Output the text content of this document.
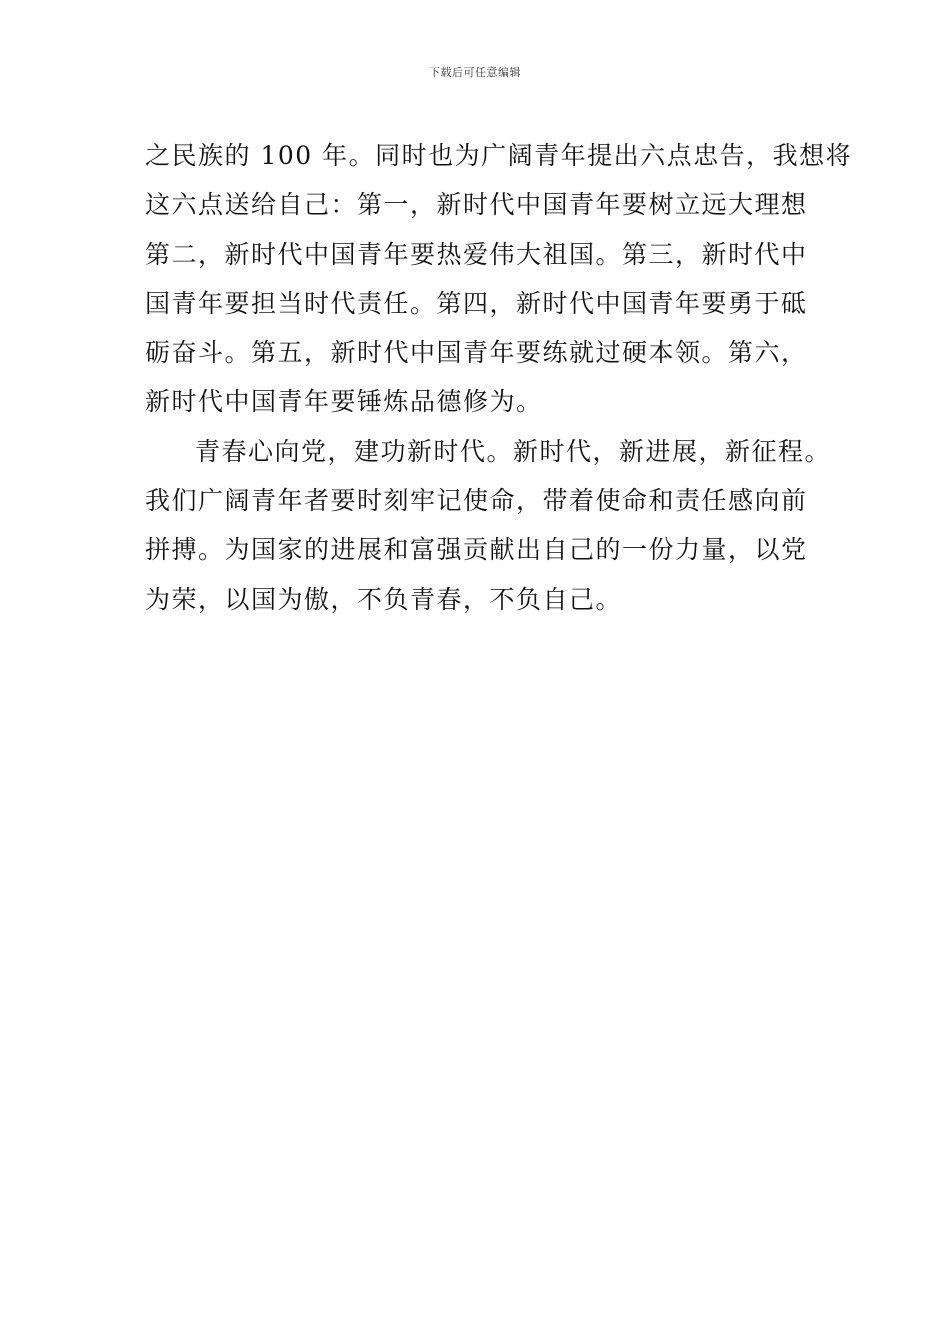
下载后可任意编辑
之民族的 100 年。同时也为广阔青年提出六点忠告，我想将
这六点送给自己：第一，新时代中国青年要树立远大理想
第二，新时代中国青年要热爱伟大祖国。第三，新时代中
国青年要担当时代责任。第四，新时代中国青年要勇于砥
砺奋斗。第五，新时代中国青年要练就过硬本领。第六，
新时代中国青年要锤炼品德修为。
青春心向党，建功新时代。新时代，新进展，新征程。
我们广阔青年者要时刻牢记使命，带着使命和责任感向前
拼搏。为国家的进展和富强贡献出自己的一份力量，以党
为荣，以国为傲，不负青春，不负自己。
